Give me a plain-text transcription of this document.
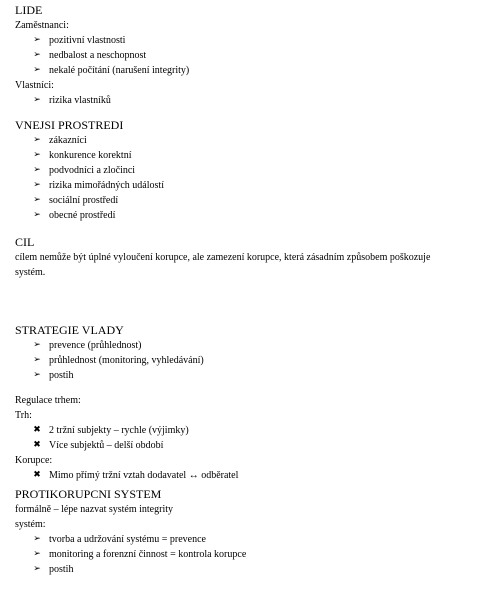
LIDE
Zaměstnanci:
➢ pozitivní vlastnosti
➢ nedbalost a neschopnost
➢ nekalé počítání (narušení integrity)
Vlastníci:
➢ rizika vlastníků
VNEJSI PROSTREDI
➢ zákazníci
➢ konkurence korektní
➢ podvodníci a zločinci
➢ rizika mimořádných událostí
➢ sociální prostředí
➢ obecné prostředí
CIL
cílem nemůže být úplné vyloučení korupce, ale zamezení korupce, která zásadním způsobem poškozuje systém.
STRATEGIE VLADY
➢ prevence (průhlednost)
➢ průhlednost (monitoring, vyhledávání)
➢ postih
Regulace trhem:
Trh:
✖ 2 tržní subjekty – rychle (výjimky)
✖ Více subjektů – delší období
Korupce:
✖ Mimo přímý tržní vztah dodavatel ↔ odběratel
PROTIKORUPCNI SYSTEM
formálně – lépe nazvat systém integrity
systém:
➢ tvorba a udržování systému = prevence
➢ monitoring a forenzní činnost = kontrola korupce
➢ postih
